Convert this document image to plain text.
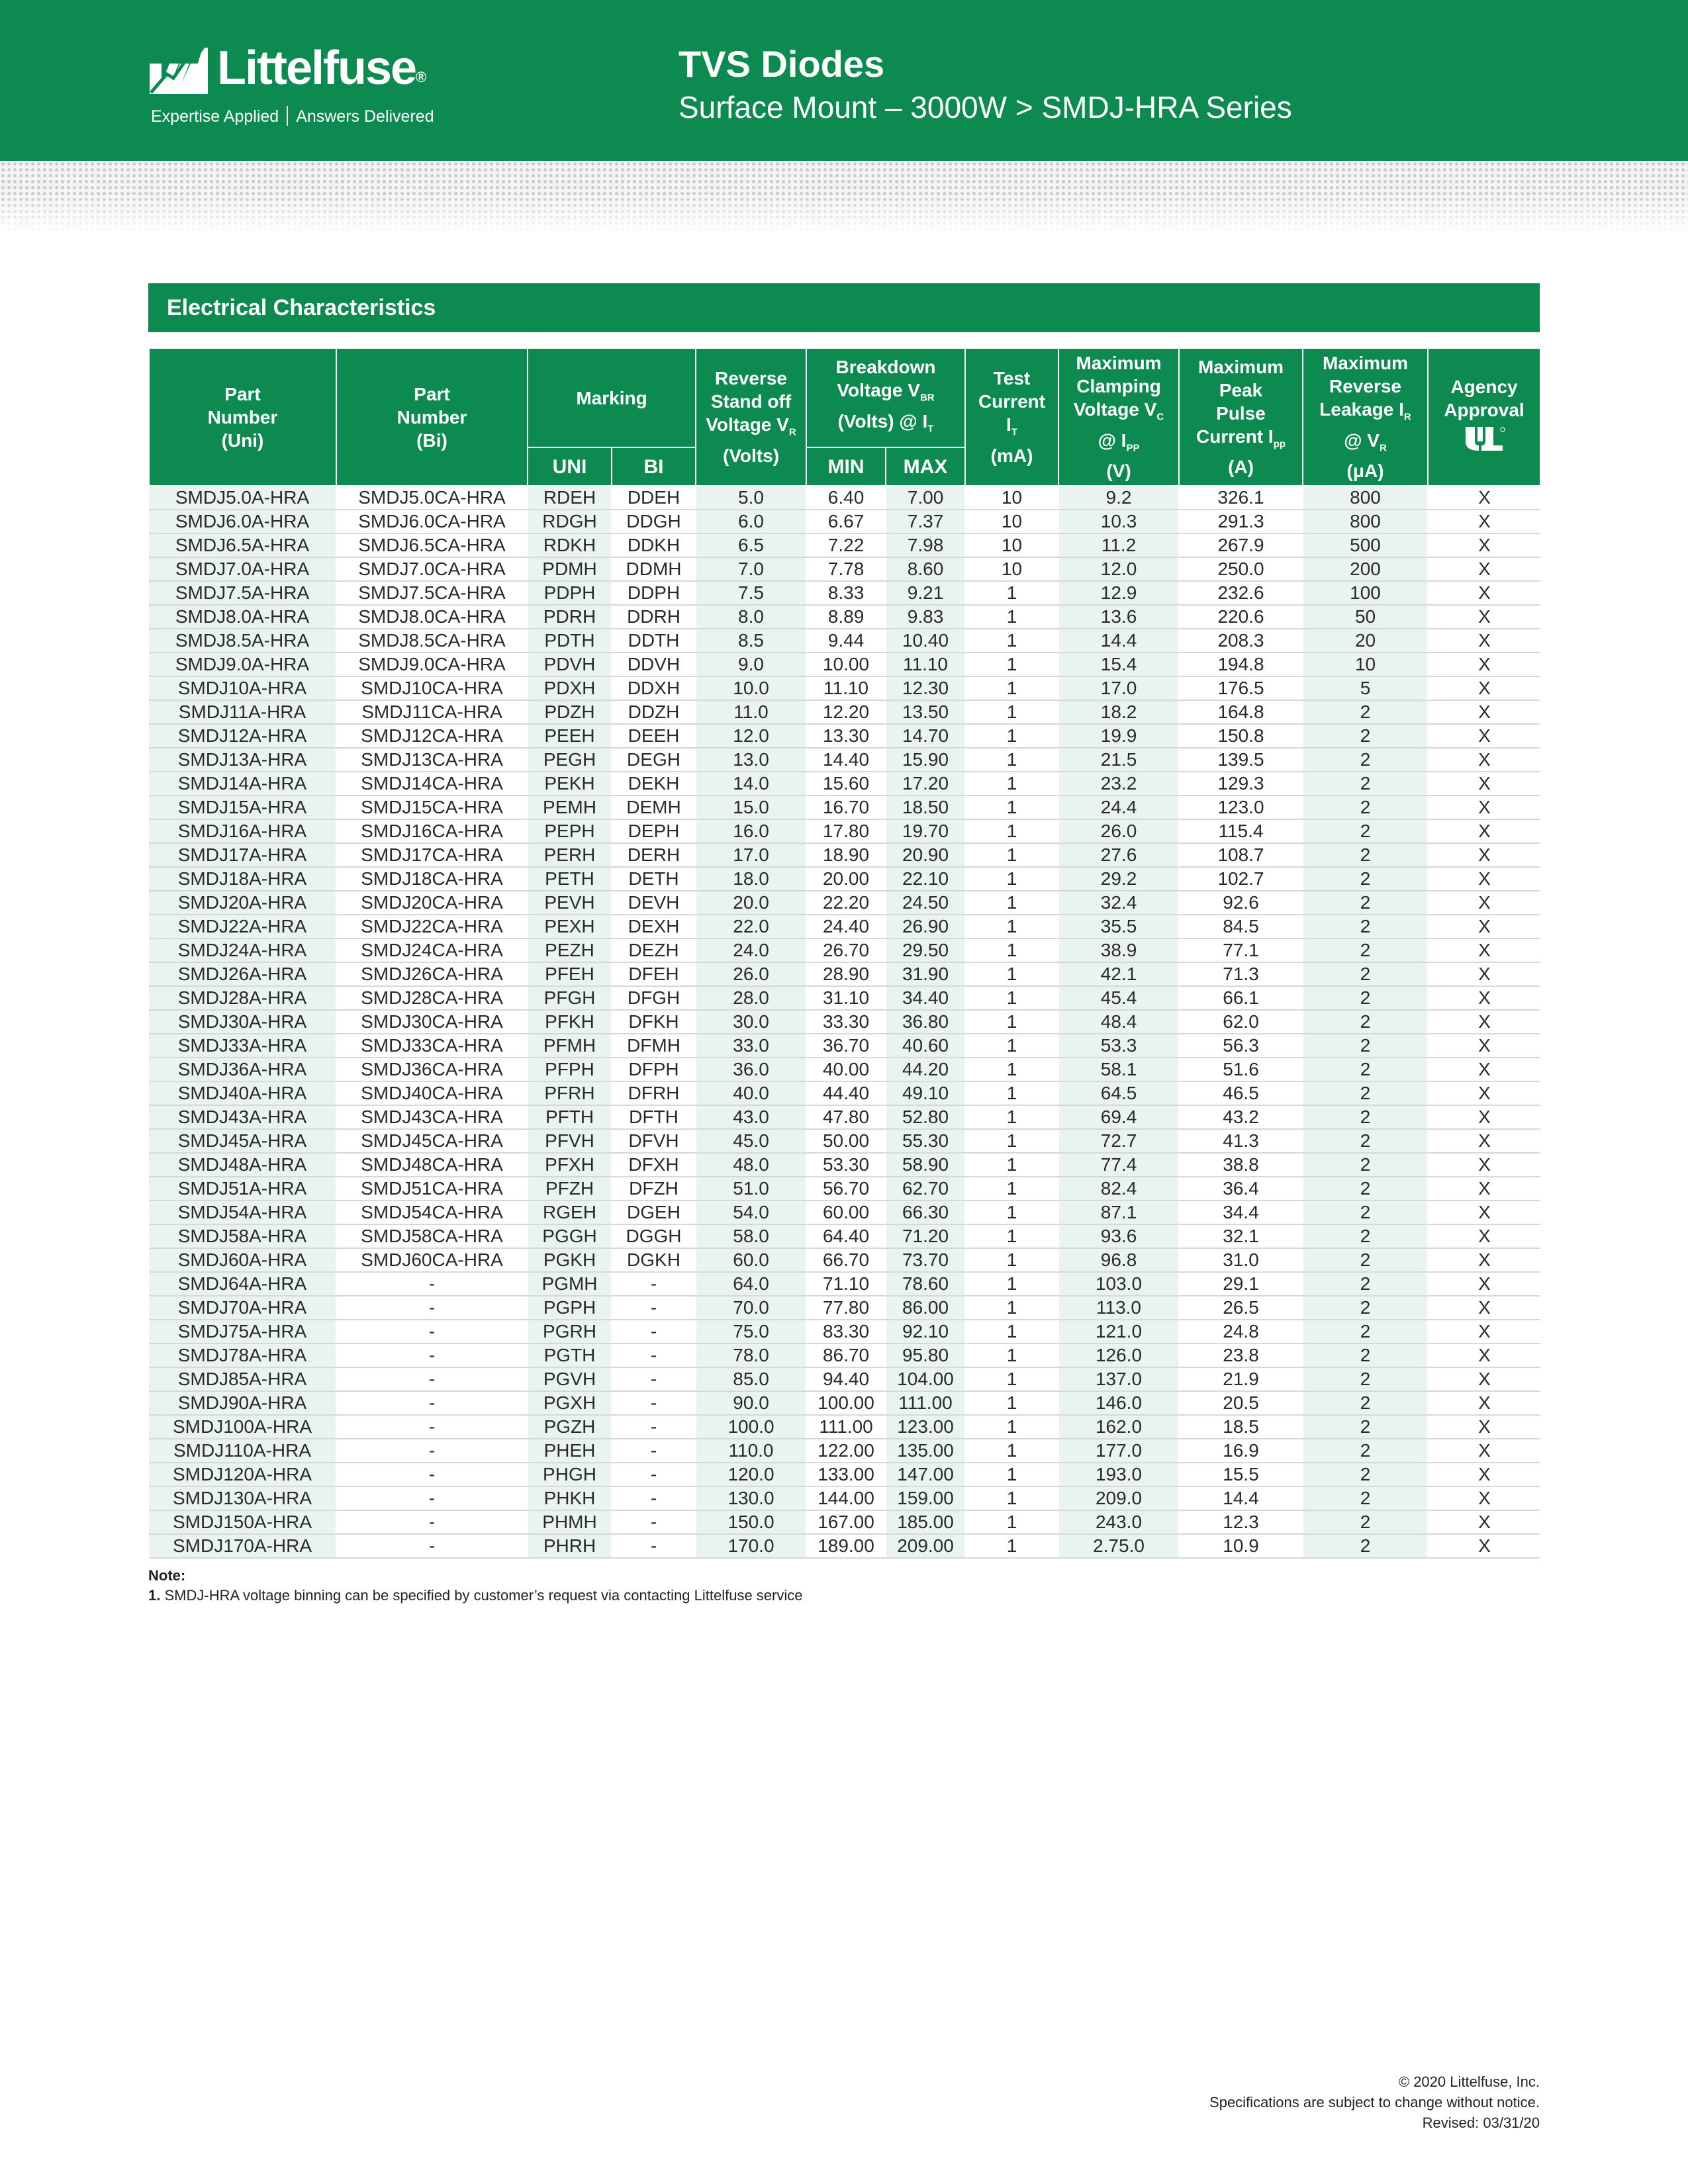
Littelfuse®
Expertise Applied Answers Delivered
TVS Diodes
Surface Mount – 3000W > SMDJ-HRA Series
Electrical Characteristics
Part
Number
(Uni)	Part
Number
(Bi)	Marking		Reverse
Stand off
Voltage $V_R$
(Volts)	Breakdown
Voltage $V_{BR}$
(Volts) @ $I_T$		Test
Current
$I_T$
(mA)	Maximum
Clamping
Voltage $V_C$
@ $I_{PP}$
(V)	Maximum
Peak
Pulse
Current $I_{pp}$
(A)	Maximum
Reverse
Leakage $I_R$
@ $V_R$
(μA)	Agency
Approval

		UNI	BI		MIN	MAX					
SMDJ5.0A-HRA	SMDJ5.0CA-HRA	RDEH	DDEH	5.0	6.40	7.00	10	9.2	326.1	800	X
SMDJ6.0A-HRA	SMDJ6.0CA-HRA	RDGH	DDGH	6.0	6.67	7.37	10	10.3	291.3	800	X
SMDJ6.5A-HRA	SMDJ6.5CA-HRA	RDKH	DDKH	6.5	7.22	7.98	10	11.2	267.9	500	X
SMDJ7.0A-HRA	SMDJ7.0CA-HRA	PDMH	DDMH	7.0	7.78	8.60	10	12.0	250.0	200	X
SMDJ7.5A-HRA	SMDJ7.5CA-HRA	PDPH	DDPH	7.5	8.33	9.21	1	12.9	232.6	100	X
SMDJ8.0A-HRA	SMDJ8.0CA-HRA	PDRH	DDRH	8.0	8.89	9.83	1	13.6	220.6	50	X
SMDJ8.5A-HRA	SMDJ8.5CA-HRA	PDTH	DDTH	8.5	9.44	10.40	1	14.4	208.3	20	X
SMDJ9.0A-HRA	SMDJ9.0CA-HRA	PDVH	DDVH	9.0	10.00	11.10	1	15.4	194.8	10	X
SMDJ10A-HRA	SMDJ10CA-HRA	PDXH	DDXH	10.0	11.10	12.30	1	17.0	176.5	5	X
SMDJ11A-HRA	SMDJ11CA-HRA	PDZH	DDZH	11.0	12.20	13.50	1	18.2	164.8	2	X
SMDJ12A-HRA	SMDJ12CA-HRA	PEEH	DEEH	12.0	13.30	14.70	1	19.9	150.8	2	X
SMDJ13A-HRA	SMDJ13CA-HRA	PEGH	DEGH	13.0	14.40	15.90	1	21.5	139.5	2	X
SMDJ14A-HRA	SMDJ14CA-HRA	PEKH	DEKH	14.0	15.60	17.20	1	23.2	129.3	2	X
SMDJ15A-HRA	SMDJ15CA-HRA	PEMH	DEMH	15.0	16.70	18.50	1	24.4	123.0	2	X
SMDJ16A-HRA	SMDJ16CA-HRA	PEPH	DEPH	16.0	17.80	19.70	1	26.0	115.4	2	X
SMDJ17A-HRA	SMDJ17CA-HRA	PERH	DERH	17.0	18.90	20.90	1	27.6	108.7	2	X
SMDJ18A-HRA	SMDJ18CA-HRA	PETH	DETH	18.0	20.00	22.10	1	29.2	102.7	2	X
SMDJ20A-HRA	SMDJ20CA-HRA	PEVH	DEVH	20.0	22.20	24.50	1	32.4	92.6	2	X
SMDJ22A-HRA	SMDJ22CA-HRA	PEXH	DEXH	22.0	24.40	26.90	1	35.5	84.5	2	X
SMDJ24A-HRA	SMDJ24CA-HRA	PEZH	DEZH	24.0	26.70	29.50	1	38.9	77.1	2	X
SMDJ26A-HRA	SMDJ26CA-HRA	PFEH	DFEH	26.0	28.90	31.90	1	42.1	71.3	2	X
SMDJ28A-HRA	SMDJ28CA-HRA	PFGH	DFGH	28.0	31.10	34.40	1	45.4	66.1	2	X
SMDJ30A-HRA	SMDJ30CA-HRA	PFKH	DFKH	30.0	33.30	36.80	1	48.4	62.0	2	X
SMDJ33A-HRA	SMDJ33CA-HRA	PFMH	DFMH	33.0	36.70	40.60	1	53.3	56.3	2	X
SMDJ36A-HRA	SMDJ36CA-HRA	PFPH	DFPH	36.0	40.00	44.20	1	58.1	51.6	2	X
SMDJ40A-HRA	SMDJ40CA-HRA	PFRH	DFRH	40.0	44.40	49.10	1	64.5	46.5	2	X
SMDJ43A-HRA	SMDJ43CA-HRA	PFTH	DFTH	43.0	47.80	52.80	1	69.4	43.2	2	X
SMDJ45A-HRA	SMDJ45CA-HRA	PFVH	DFVH	45.0	50.00	55.30	1	72.7	41.3	2	X
SMDJ48A-HRA	SMDJ48CA-HRA	PFXH	DFXH	48.0	53.30	58.90	1	77.4	38.8	2	X
SMDJ51A-HRA	SMDJ51CA-HRA	PFZH	DFZH	51.0	56.70	62.70	1	82.4	36.4	2	X
SMDJ54A-HRA	SMDJ54CA-HRA	RGEH	DGEH	54.0	60.00	66.30	1	87.1	34.4	2	X
SMDJ58A-HRA	SMDJ58CA-HRA	PGGH	DGGH	58.0	64.40	71.20	1	93.6	32.1	2	X
SMDJ60A-HRA	SMDJ60CA-HRA	PGKH	DGKH	60.0	66.70	73.70	1	96.8	31.0	2	X
SMDJ64A-HRA	-	PGMH	-	64.0	71.10	78.60	1	103.0	29.1	2	X
SMDJ70A-HRA	-	PGPH	-	70.0	77.80	86.00	1	113.0	26.5	2	X
SMDJ75A-HRA	-	PGRH	-	75.0	83.30	92.10	1	121.0	24.8	2	X
SMDJ78A-HRA	-	PGTH	-	78.0	86.70	95.80	1	126.0	23.8	2	X
SMDJ85A-HRA	-	PGVH	-	85.0	94.40	104.00	1	137.0	21.9	2	X
SMDJ90A-HRA	-	PGXH	-	90.0	100.00	111.00	1	146.0	20.5	2	X
SMDJ100A-HRA	-	PGZH	-	100.0	111.00	123.00	1	162.0	18.5	2	X
SMDJ110A-HRA	-	PHEH	-	110.0	122.00	135.00	1	177.0	16.9	2	X
SMDJ120A-HRA	-	PHGH	-	120.0	133.00	147.00	1	193.0	15.5	2	X
SMDJ130A-HRA	-	PHKH	-	130.0	144.00	159.00	1	209.0	14.4	2	X
SMDJ150A-HRA	-	PHMH	-	150.0	167.00	185.00	1	243.0	12.3	2	X
SMDJ170A-HRA	-	PHRH	-	170.0	189.00	209.00	1	2.75.0	10.9	2	X
Note:
1. SMDJ-HRA voltage binning can be specified by customer’s request via contacting Littelfuse service
© 2020 Littelfuse, Inc.
Specifications are subject to change without notice.
Revised: 03/31/20
